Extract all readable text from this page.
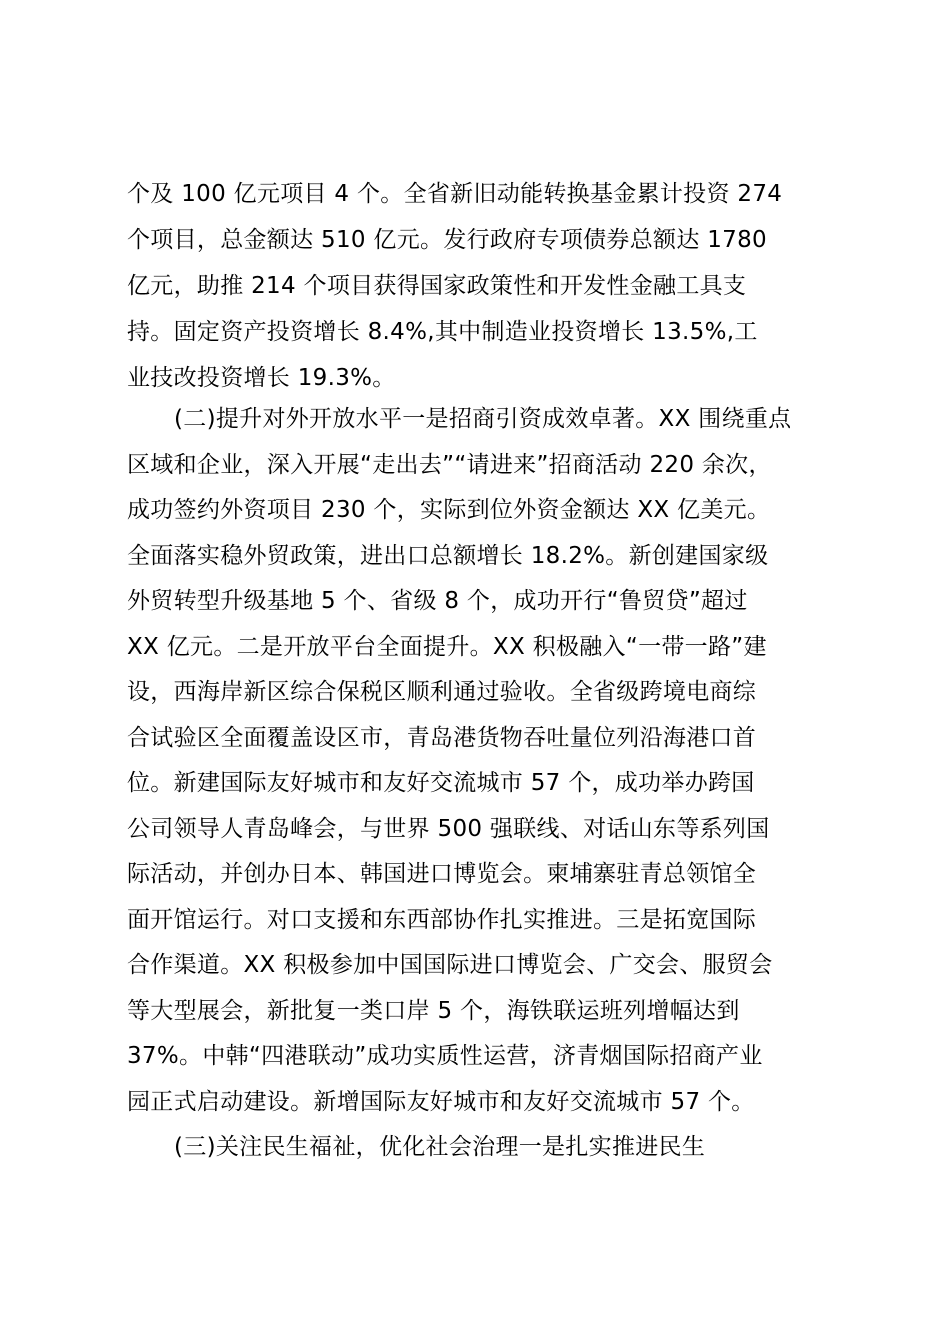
个及 100 亿元项目 4 个。全省新旧动能转换基金累计投资 274
个项目，总金额达 510 亿元。发行政府专项债券总额达 1780
亿元，助推 214 个项目获得国家政策性和开发性金融工具支
持。固定资产投资增长 8.4%,其中制造业投资增长 13.5%,工
业技改投资增长 19.3%。
(二)提升对外开放水平一是招商引资成效卓著。XX 围绕重点
区域和企业，深入开展“走出去”“请进来”招商活动 220 余次，
成功签约外资项目 230 个，实际到位外资金额达 XX 亿美元。
全面落实稳外贸政策，进出口总额增长 18.2%。新创建国家级
外贸转型升级基地 5 个、省级 8 个，成功开行“鲁贸贷”超过
XX 亿元。二是开放平台全面提升。XX 积极融入“一带一路”建
设，西海岸新区综合保税区顺利通过验收。全省级跨境电商综
合试验区全面覆盖设区市，青岛港货物吞吐量位列沿海港口首
位。新建国际友好城市和友好交流城市 57 个，成功举办跨国
公司领导人青岛峰会，与世界 500 强联线、对话山东等系列国
际活动，并创办日本、韩国进口博览会。柬埔寨驻青总领馆全
面开馆运行。对口支援和东西部协作扎实推进。三是拓宽国际
合作渠道。XX 积极参加中国国际进口博览会、广交会、服贸会
等大型展会，新批复一类口岸 5 个，海铁联运班列增幅达到
37%。中韩“四港联动”成功实质性运营，济青烟国际招商产业
园正式启动建设。新增国际友好城市和友好交流城市 57 个。
(三)关注民生福祉，优化社会治理一是扎实推进民生
